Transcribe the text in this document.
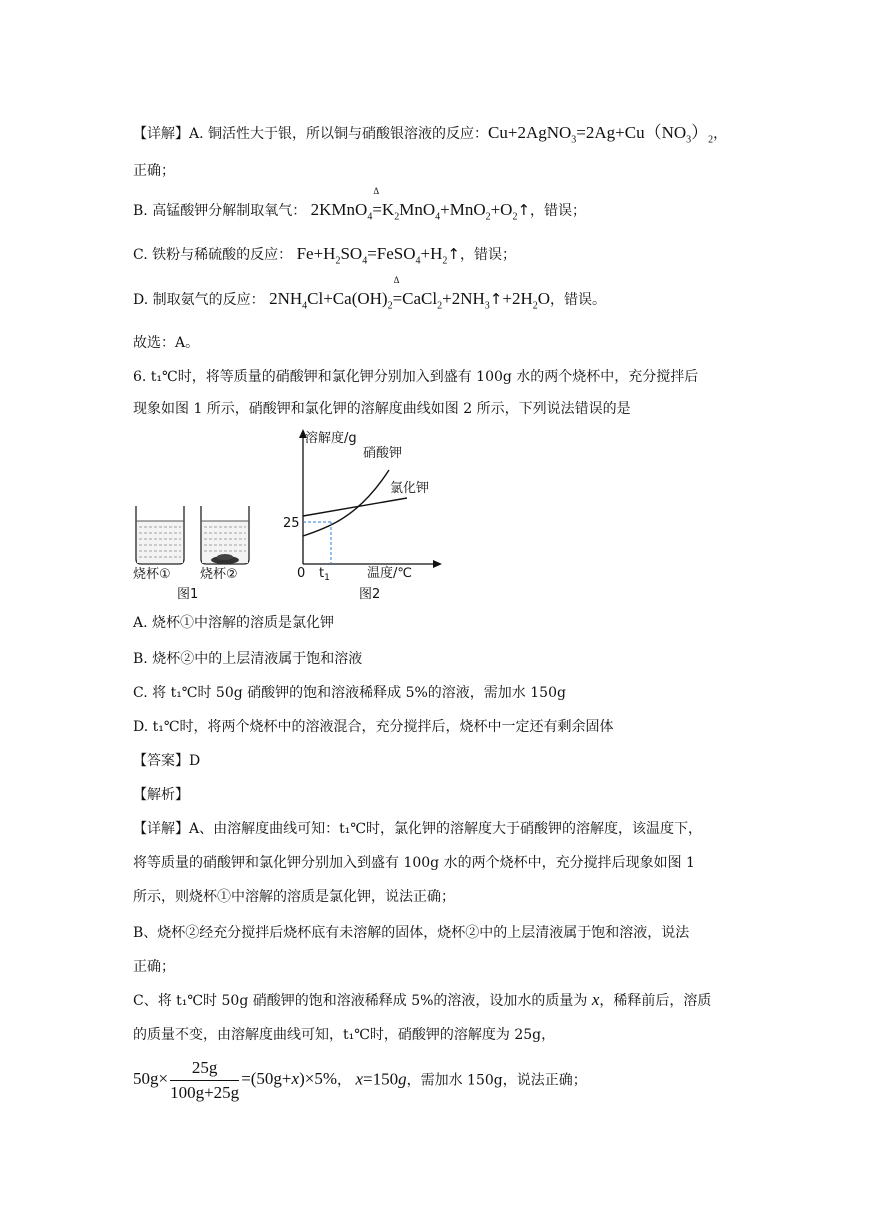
【详解】A. 铜活性大于银，所以铜与硝酸银溶液的反应：$Cu+2AgNO_3=2Ag+Cu(NO_3)_2$，
正确；
B. 高锰酸钾分解制取氧气： 2KMnO$_4$=
Δ
$K_2MnO_4+MnO_2+O_2↑$，错误；
C. 铁粉与稀硫酸的反应： $Fe+H_2SO_4=FeSO_4+H_2↑$，错误；
D. 制取氨气的反应： $2NH_4Cl+Ca(OH)_2=$
Δ
$CaCl_2+2NH_3↑+2H_2O$，错误。
故选：A。
6. t₁℃时，将等质量的硝酸钾和氯化钾分别加入到盛有 100g 水的两个烧杯中，充分搅拌后
现象如图 1 所示，硝酸钾和氯化钾的溶解度曲线如图 2 所示，下列说法错误的是
烧杯① 烧杯②
图1
溶解度/g
硝酸钾
氯化钾
25
0 $t_1$	温度/℃
图2
A. 烧杯①中溶解的溶质是氯化钾
B. 烧杯②中的上层清液属于饱和溶液
C. 将 t₁℃时 50g 硝酸钾的饱和溶液稀释成 5%的溶液，需加水 150g
D. t₁℃时，将两个烧杯中的溶液混合，充分搅拌后，烧杯中一定还有剩余固体
【答案】D
【解析】
【详解】A、由溶解度曲线可知：t₁℃时，氯化钾的溶解度大于硝酸钾的溶解度，该温度下，
将等质量的硝酸钾和氯化钾分别加入到盛有 100g 水的两个烧杯中，充分搅拌后现象如图 1
所示，则烧杯①中溶解的溶质是氯化钾，说法正确；
B、烧杯②经充分搅拌后烧杯底有未溶解的固体，烧杯②中的上层清液属于饱和溶液，说法
正确；
C、将 t₁℃时 50g 硝酸钾的饱和溶液稀释成 5%的溶液，设加水的质量为 x，稀释前后，溶质
的质量不变，由溶解度曲线可知，t₁℃时，硝酸钾的溶解度为 25g，
$50g\times \frac{25g}{100g+25g} =(50g+x)\times 5\%$， x=150g，需加水 150g，说法正确；
